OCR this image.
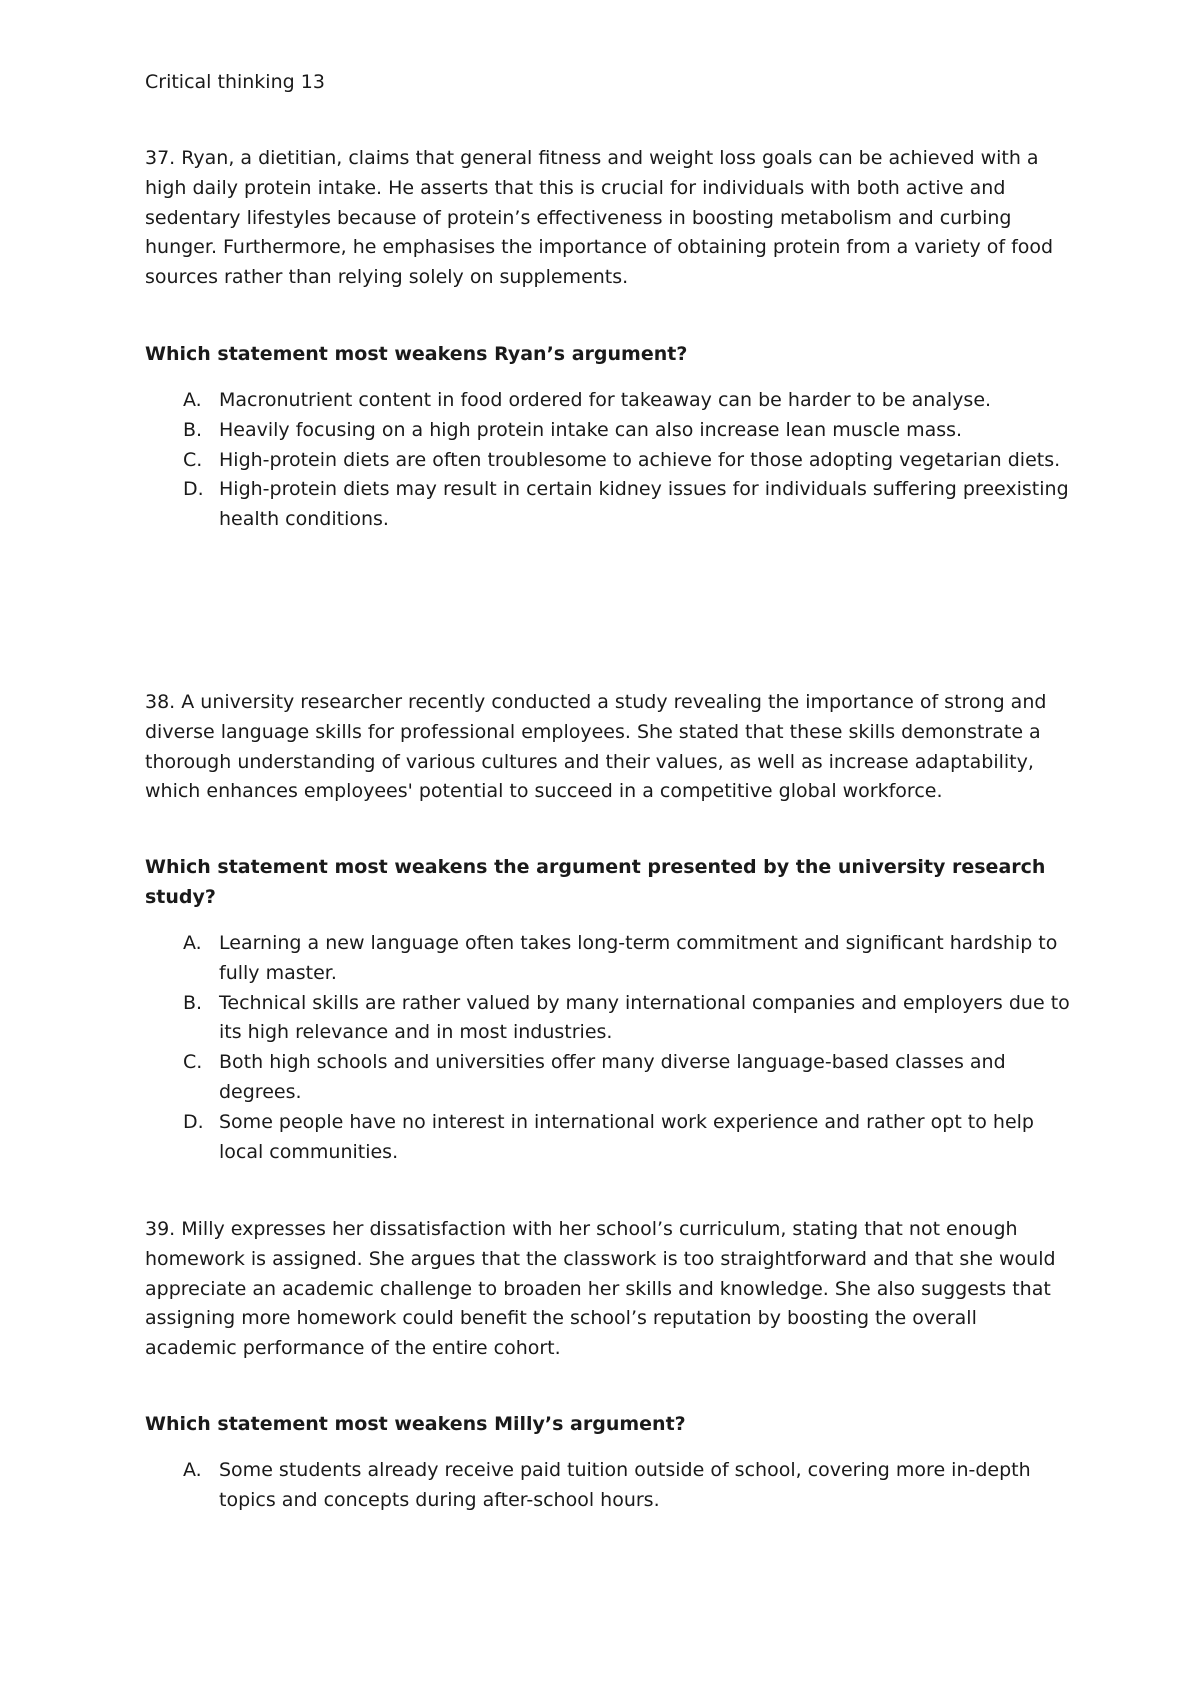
Critical thinking 13

37. Ryan, a dietitian, claims that general fitness and weight loss goals can be achieved with a high daily protein intake. He asserts that this is crucial for individuals with both active and sedentary lifestyles because of protein’s effectiveness in boosting metabolism and curbing hunger. Furthermore, he emphasises the importance of obtaining protein from a variety of food sources rather than relying solely on supplements.

Which statement most weakens Ryan’s argument?

A. Macronutrient content in food ordered for takeaway can be harder to be analyse.
B. Heavily focusing on a high protein intake can also increase lean muscle mass.
C. High-protein diets are often troublesome to achieve for those adopting vegetarian diets.
D. High-protein diets may result in certain kidney issues for individuals suffering preexisting health conditions.

38. A university researcher recently conducted a study revealing the importance of strong and diverse language skills for professional employees. She stated that these skills demonstrate a thorough understanding of various cultures and their values, as well as increase adaptability, which enhances employees' potential to succeed in a competitive global workforce.

Which statement most weakens the argument presented by the university research study?

A. Learning a new language often takes long-term commitment and significant hardship to fully master.
B. Technical skills are rather valued by many international companies and employers due to its high relevance and in most industries.
C. Both high schools and universities offer many diverse language-based classes and degrees.
D. Some people have no interest in international work experience and rather opt to help local communities.

39. Milly expresses her dissatisfaction with her school’s curriculum, stating that not enough homework is assigned. She argues that the classwork is too straightforward and that she would appreciate an academic challenge to broaden her skills and knowledge. She also suggests that assigning more homework could benefit the school’s reputation by boosting the overall academic performance of the entire cohort.

Which statement most weakens Milly’s argument?

A. Some students already receive paid tuition outside of school, covering more in-depth topics and concepts during after-school hours.
